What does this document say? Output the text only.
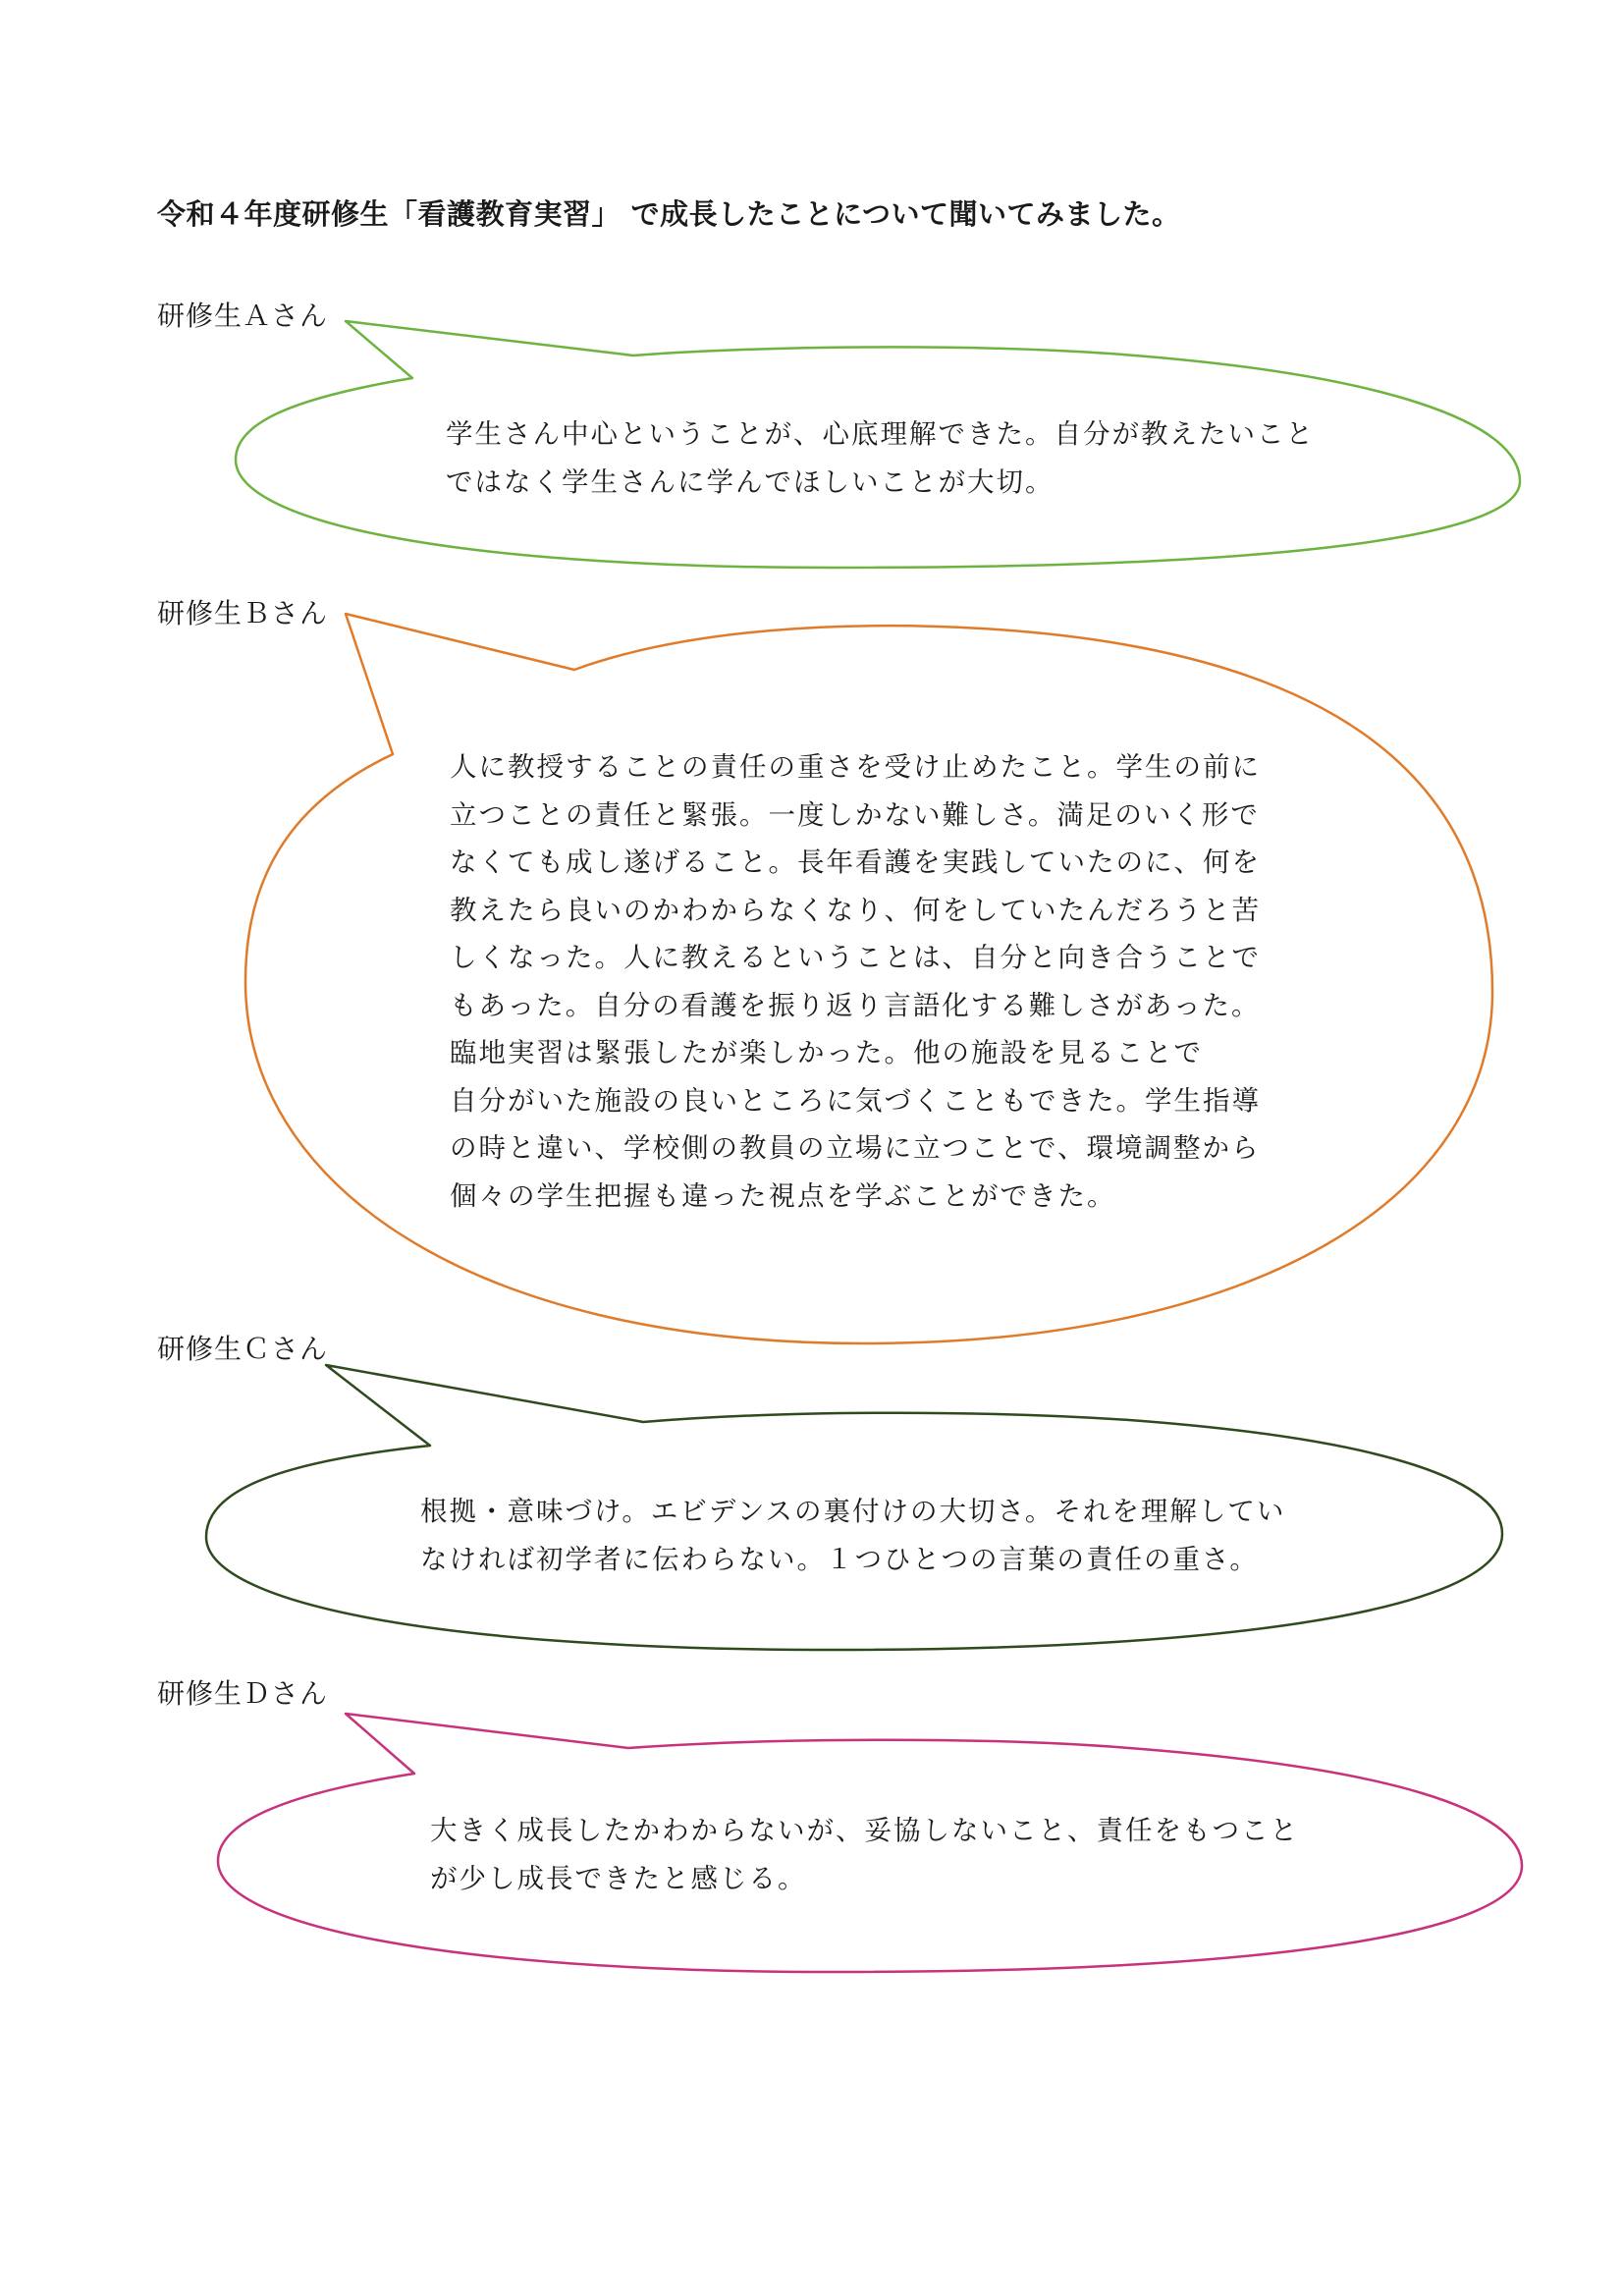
令和４年度研修生「看護教育実習」 で成長したことについて聞いてみました。
研修生Ａさん
学生さん中心ということが、心底理解できた。自分が教えたいこと
ではなく学生さんに学んでほしいことが大切。
研修生Ｂさん
人に教授することの責任の重さを受け止めたこと。学生の前に
立つことの責任と緊張。一度しかない難しさ。満足のいく形で
なくても成し遂げること。長年看護を実践していたのに、何を
教えたら良いのかわからなくなり、何をしていたんだろうと苦
しくなった。人に教えるということは、自分と向き合うことで
もあった。自分の看護を振り返り言語化する難しさがあった。
臨地実習は緊張したが楽しかった。他の施設を見ることで
自分がいた施設の良いところに気づくこともできた。学生指導
の時と違い、学校側の教員の立場に立つことで、環境調整から
個々の学生把握も違った視点を学ぶことができた。
研修生Ｃさん
根拠・意味づけ。エビデンスの裏付けの大切さ。それを理解してい
なければ初学者に伝わらない。１つひとつの言葉の責任の重さ。
研修生Ｄさん
大きく成長したかわからないが、妥協しないこと、責任をもつこと
が少し成長できたと感じる。
